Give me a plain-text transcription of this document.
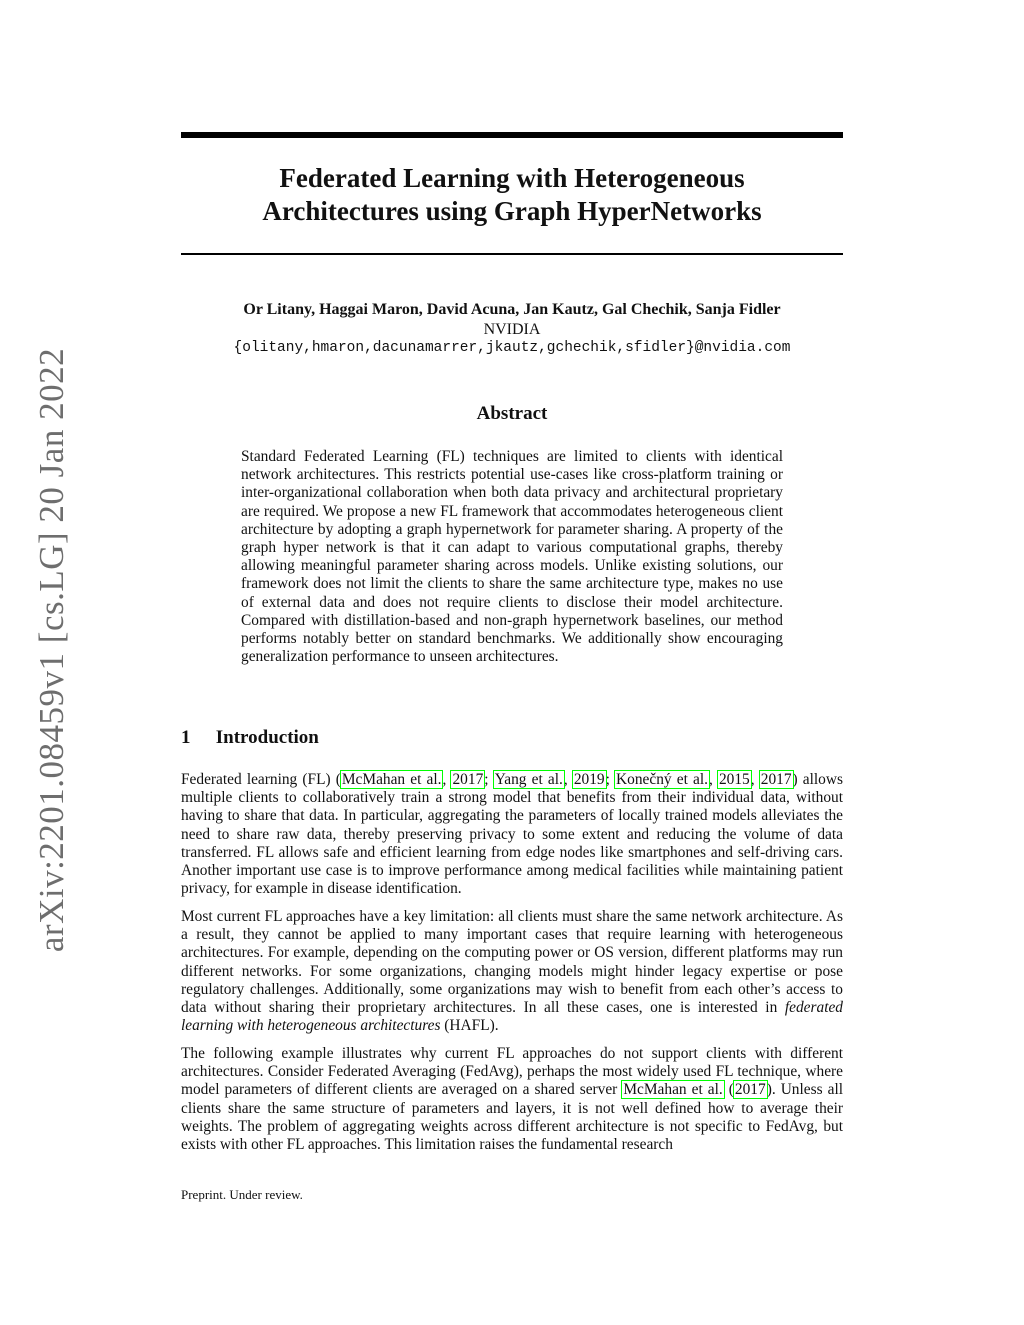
arXiv:2201.08459v1 [cs.LG] 20 Jan 2022
Federated Learning with Heterogeneous
Architectures using Graph HyperNetworks
Or Litany, Haggai Maron, David Acuna, Jan Kautz, Gal Chechik, Sanja Fidler
NVIDIA
{olitany,hmaron,dacunamarrer,jkautz,gchechik,sfidler}@nvidia.com
Abstract
Standard Federated Learning (FL) techniques are limited to clients with identical network architectures. This restricts potential use-cases like cross-platform training or inter-organizational collaboration when both data privacy and architectural proprietary are required. We propose a new FL framework that accommodates heterogeneous client architecture by adopting a graph hypernetwork for parameter sharing. A property of the graph hyper network is that it can adapt to various computational graphs, thereby allowing meaningful parameter sharing across models. Unlike existing solutions, our framework does not limit the clients to share the same architecture type, makes no use of external data and does not require clients to disclose their model architecture. Compared with distillation-based and non-graph hypernetwork baselines, our method performs notably better on standard benchmarks. We additionally show encouraging generalization performance to unseen architectures.
1 Introduction
Federated learning (FL) (McMahan et al., 2017; Yang et al., 2019; Konečný et al., 2015, 2017) allows multiple clients to collaboratively train a strong model that benefits from their individual data, without having to share that data. In particular, aggregating the parameters of locally trained models alleviates the need to share raw data, thereby preserving privacy to some extent and reducing the volume of data transferred. FL allows safe and efficient learning from edge nodes like smartphones and self-driving cars. Another important use case is to improve performance among medical facilities while maintaining patient privacy, for example in disease identification.
Most current FL approaches have a key limitation: all clients must share the same network architecture. As a result, they cannot be applied to many important cases that require learning with heterogeneous architectures. For example, depending on the computing power or OS version, different platforms may run different networks. For some organizations, changing models might hinder legacy expertise or pose regulatory challenges. Additionally, some organizations may wish to benefit from each other’s access to data without sharing their proprietary architectures. In all these cases, one is interested in federated learning with heterogeneous architectures (HAFL).
The following example illustrates why current FL approaches do not support clients with different architectures. Consider Federated Averaging (FedAvg), perhaps the most widely used FL technique, where model parameters of different clients are averaged on a shared server McMahan et al. (2017). Unless all clients share the same structure of parameters and layers, it is not well defined how to average their weights. The problem of aggregating weights across different architecture is not specific to FedAvg, but exists with other FL approaches. This limitation raises the fundamental research
Preprint. Under review.
